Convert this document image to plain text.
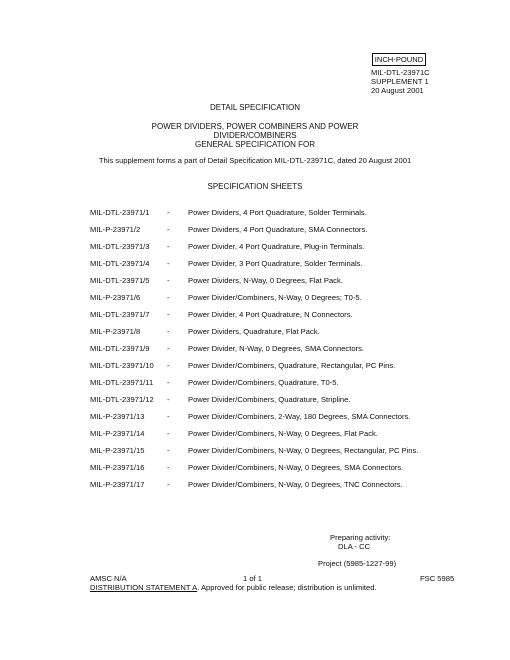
INCH-POUND
MIL-DTL-23971C
SUPPLEMENT 1
20 August 2001
DETAIL SPECIFICATION
POWER DIVIDERS, POWER COMBINERS AND POWER
DIVIDER/COMBINERS
GENERAL SPECIFICATION FOR
This supplement forms a part of Detail Specification MIL-DTL-23971C, dated 20 August 2001
SPECIFICATION SHEETS
MIL-DTL-23971/1 - Power Dividers, 4 Port Quadrature, Solder Terminals.
MIL-P-23971/2	- Power Dividers, 4 Port Quadrature, SMA Connectors.
MIL-DTL-23971/3 - Power Divider, 4 Port Quadrature, Plug-in Terminals.
MIL-DTL-23971/4 - Power Divider, 3 Port Quadrature, Solder Terminals.
MIL-DTL-23971/5 - Power Dividers, N-Way, 0 Degrees, Flat Pack.
MIL-P-23971/6	- Power Divider/Combiners, N-Way, 0 Degrees; T0-5.
MIL-DTL-23971/7 - Power Divider, 4 Port Quadrature, N Connectors.
MIL-P-23971/8	- Power Dividers, Quadrature, Flat Pack.
MIL-DTL-23971/9 - Power Divider, N-Way, 0 Degrees, SMA Connectors.
MIL-DTL-23971/10 - Power Divider/Combiners, Quadrature, Rectangular, PC Pins.
MIL-DTL-23971/11 - Power Divider/Combiners, Quadrature, T0-5.
MIL-DTL-23971/12 - Power Divider/Combiners, Quadrature, Stripline.
MIL-P-23971/13	- Power Divider/Combiners, 2-Way, 180 Degrees, SMA Connectors.
MIL-P-23971/14	- Power Divider/Combiners, N-Way, 0 Degrees, Flat Pack.
MIL-P-23971/15	- Power Divider/Combiners, N-Way, 0 Degrees, Rectangular, PC Pins.
MIL-P-23971/16	- Power Divider/Combiners, N-Way, 0 Degrees, SMA Connectors.
MIL-P-23971/17	- Power Divider/Combiners, N-Way, 0 Degrees, TNC Connectors.
Preparing activity:
DLA - CC
Project (5985-1227-99)
AMSC N/A	1 of 1	FSC 5985
DISTRIBUTION STATEMENT A. Approved for public release; distribution is unlimited.
